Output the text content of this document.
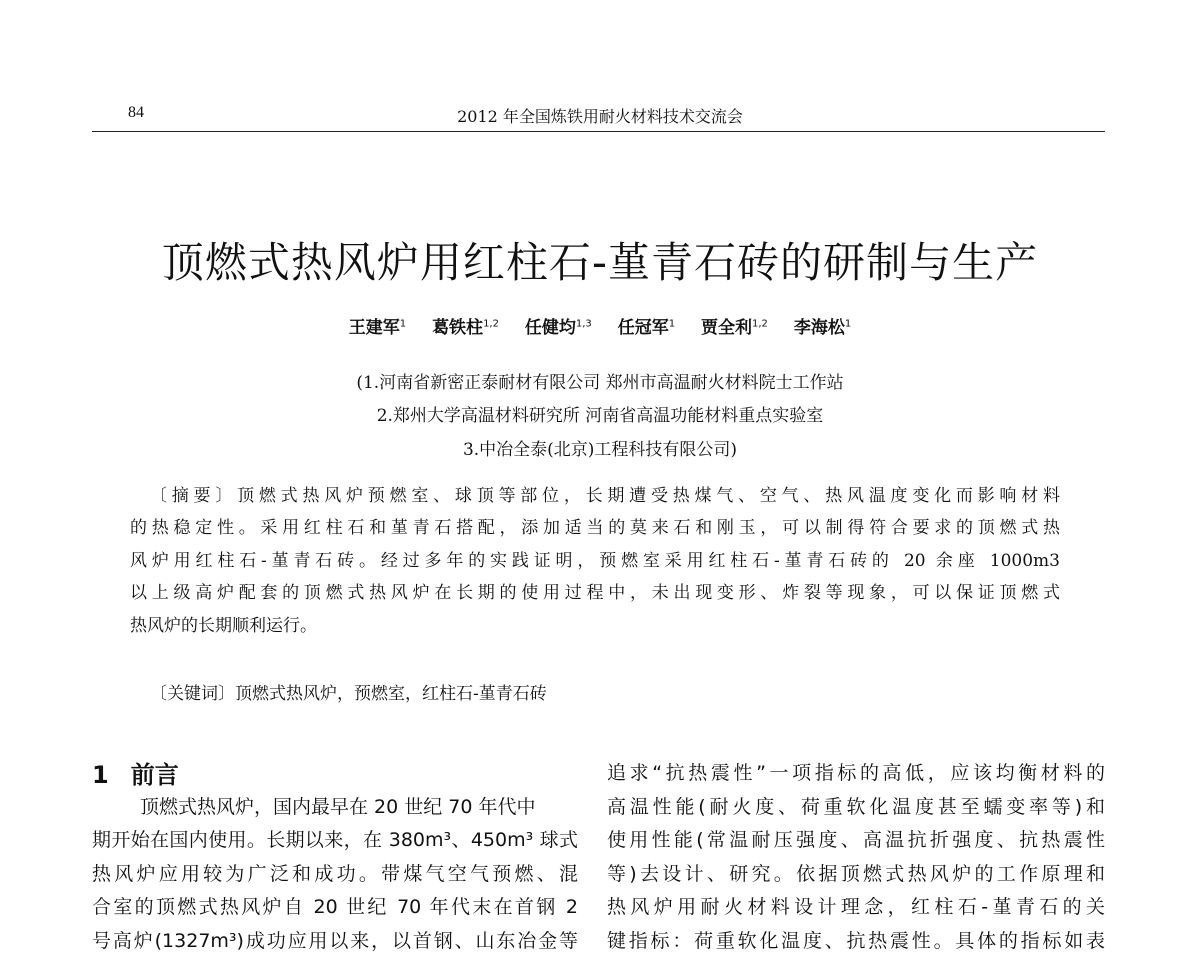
84	2012 年全国炼铁用耐火材料技术交流会
顶燃式热风炉用红柱石-堇青石砖的研制与生产
王建军$^1$ 葛铁柱$^{1,2}$ 任健均$^{1,3}$ 任冠军$^1$ 贾全利$^{1,2}$ 李海松$^1$
(1.河南省新密正泰耐材有限公司 郑州市高温耐火材料院士工作站
2.郑州大学高温材料研究所 河南省高温功能材料重点实验室
3.中冶全泰(北京)工程科技有限公司)
〔摘要〕顶燃式热风炉预燃室、球顶等部位，长期遭受热煤气、空气、热风温度变化而影响材料
的热稳定性。采用红柱石和堇青石搭配，添加适当的莫来石和刚玉，可以制得符合要求的顶燃式热
风炉用红柱石-堇青石砖。经过多年的实践证明，预燃室采用红柱石-堇青石砖的 20 余座 1000m3
以上级高炉配套的顶燃式热风炉在长期的使用过程中，未出现变形、炸裂等现象，可以保证顶燃式
热风炉的长期顺利运行。
〔关键词〕顶燃式热风炉，预燃室，红柱石-堇青石砖
1 前言
顶燃式热风炉，国内最早在 20 世纪 70 年代中
期开始在国内使用。长期以来，在 380m³、450m³ 球式
热风炉应用较为广泛和成功。带煤气空气预燃、混
合室的顶燃式热风炉自 20 世纪 70 年代末在首钢 2
号高炉(1327m³)成功应用以来，以首钢、山东冶金等
追求“抗热震性”一项指标的高低，应该均衡材料的
高温性能(耐火度、荷重软化温度甚至蠕变率等)和
使用性能(常温耐压强度、高温抗折强度、抗热震性
等)去设计、研究。依据顶燃式热风炉的工作原理和
热风炉用耐火材料设计理念，红柱石-堇青石的关
键指标：荷重软化温度、抗热震性。具体的指标如表
